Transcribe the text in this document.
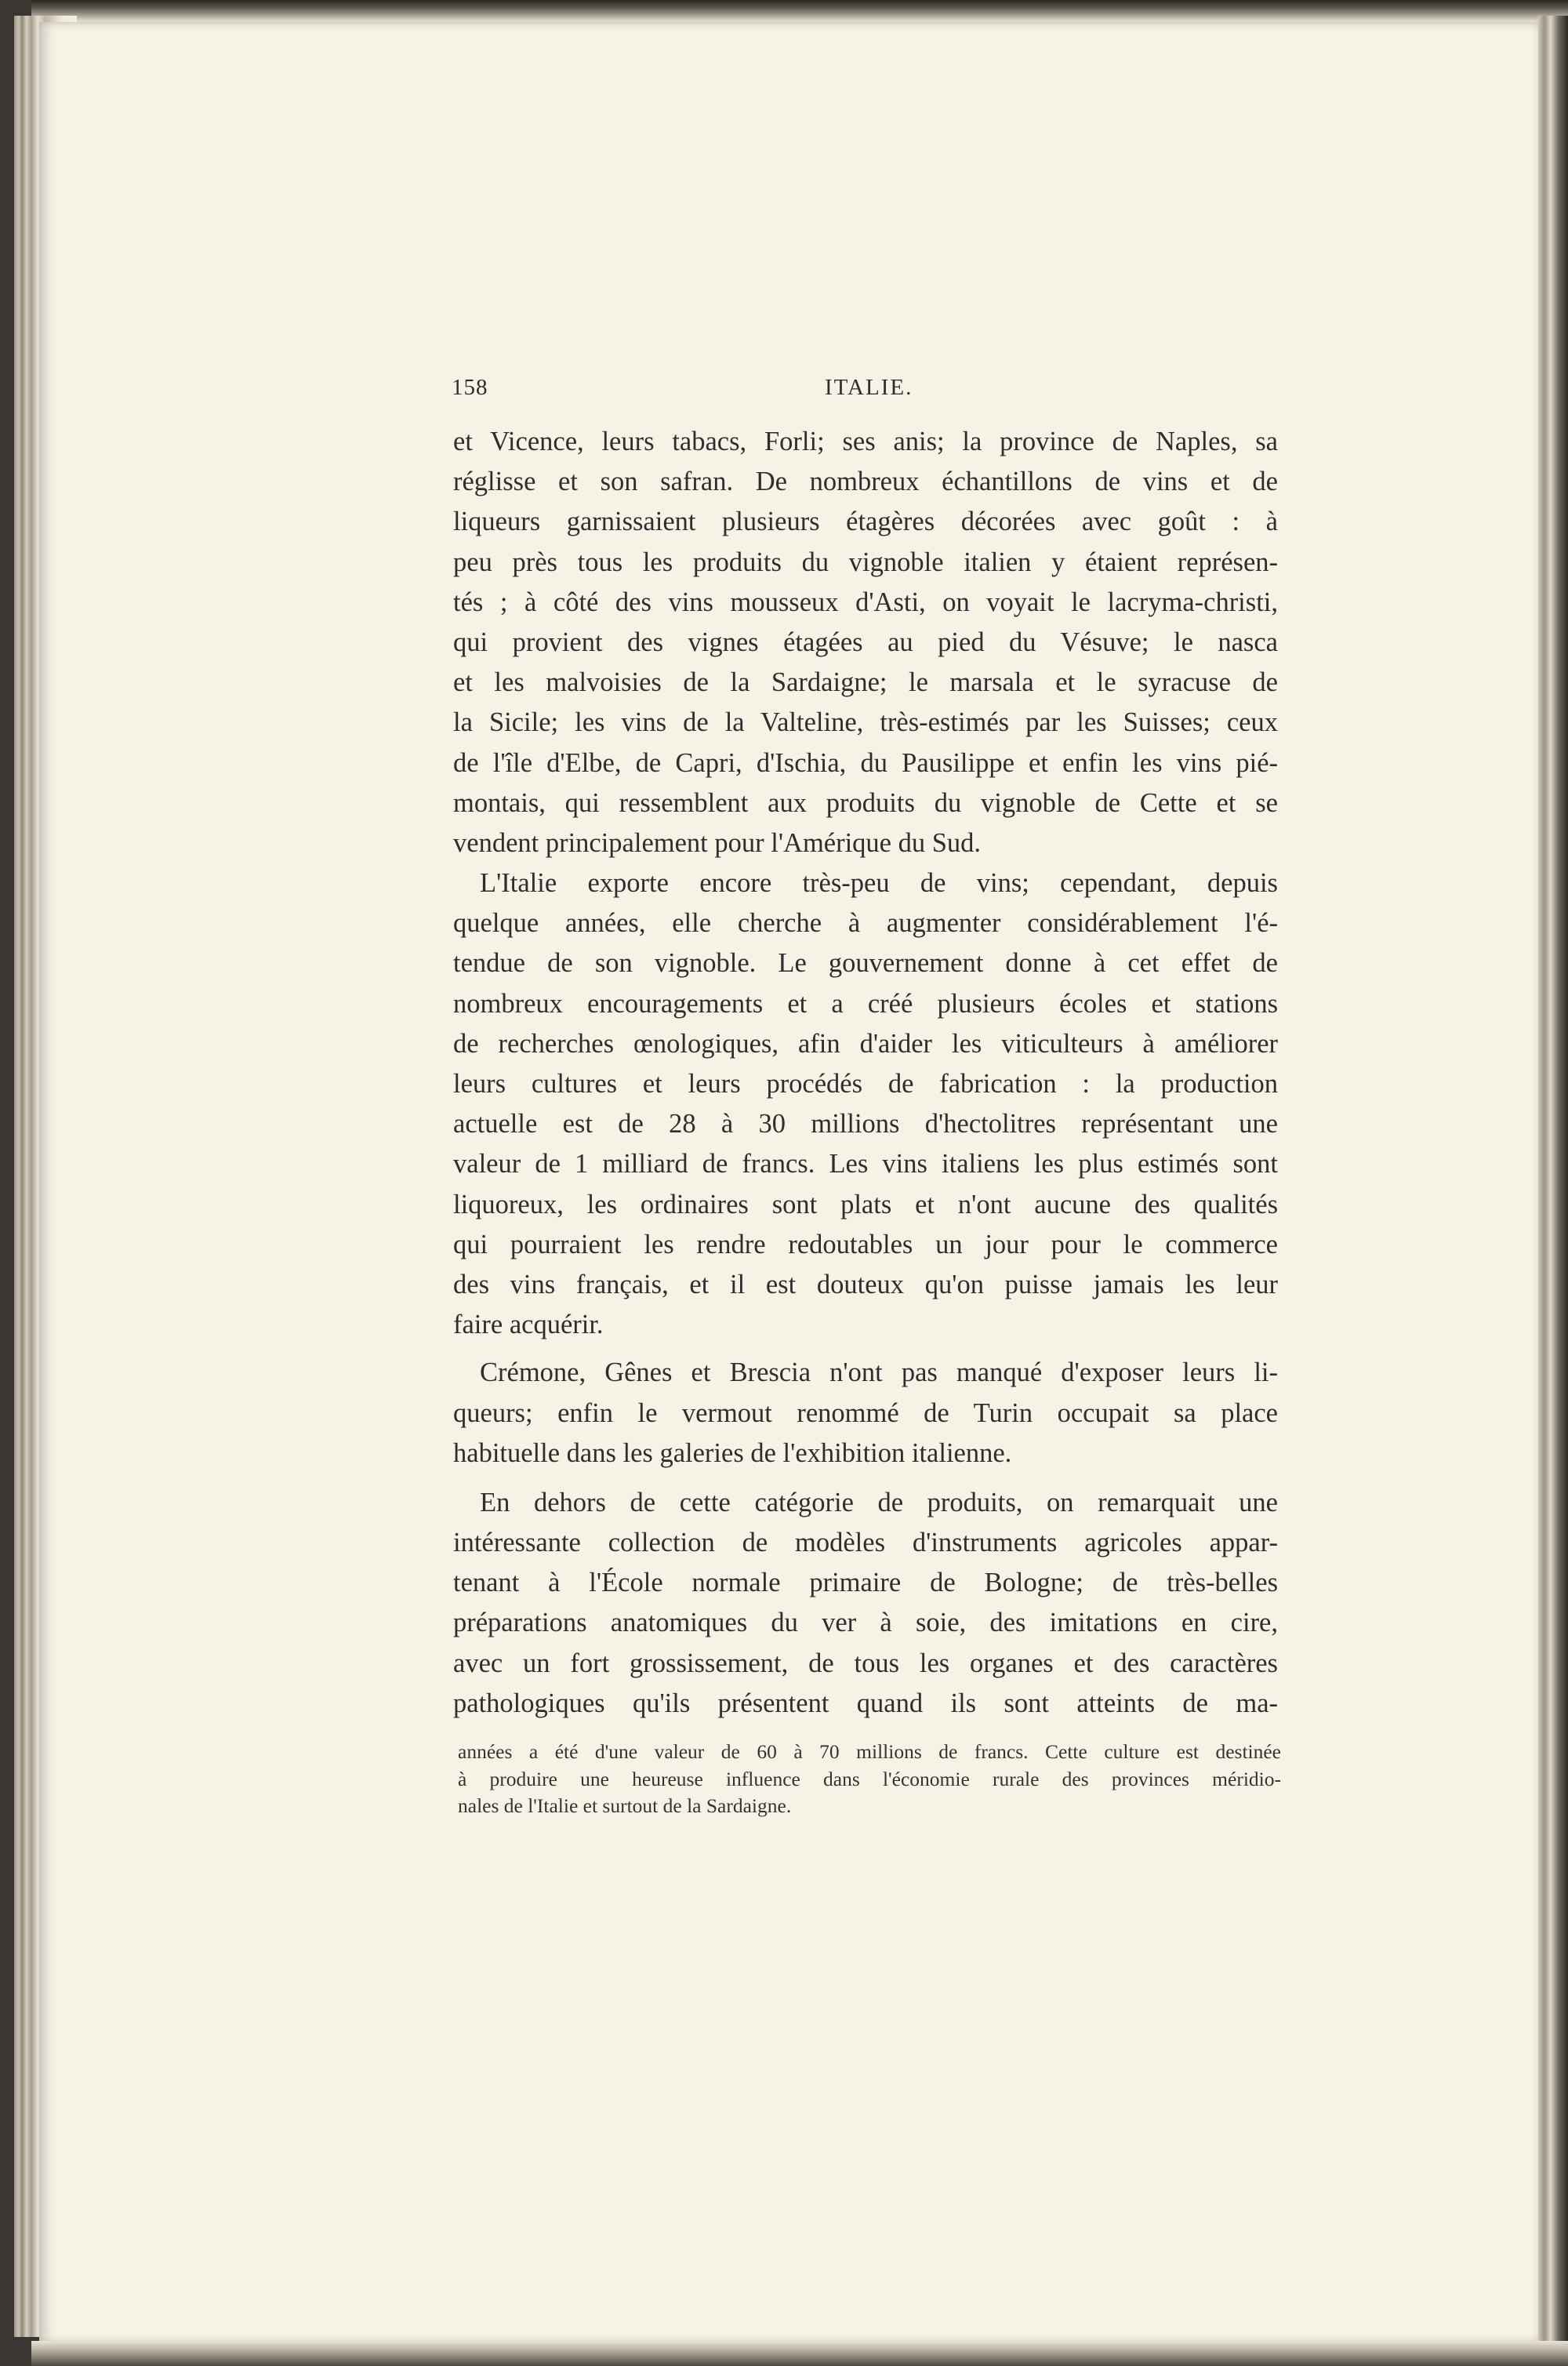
158	ITALIE.
et Vicence, leurs tabacs, Forli; ses anis; la province de Naples, sa
réglisse et son safran. De nombreux échantillons de vins et de
liqueurs garnissaient plusieurs étagères décorées avec goût : à
peu près tous les produits du vignoble italien y étaient représen-
tés ; à côté des vins mousseux d'Asti, on voyait le lacryma-christi,
qui provient des vignes étagées au pied du Vésuve; le nasca
et les malvoisies de la Sardaigne; le marsala et le syracuse de
la Sicile; les vins de la Valteline, très-estimés par les Suisses; ceux
de l'île d'Elbe, de Capri, d'Ischia, du Pausilippe et enfin les vins pié-
montais, qui ressemblent aux produits du vignoble de Cette et se
vendent principalement pour l'Amérique du Sud.
L'Italie exporte encore très-peu de vins; cependant, depuis
quelque années, elle cherche à augmenter considérablement l'é-
tendue de son vignoble. Le gouvernement donne à cet effet de
nombreux encouragements et a créé plusieurs écoles et stations
de recherches œnologiques, afin d'aider les viticulteurs à améliorer
leurs cultures et leurs procédés de fabrication : la production
actuelle est de 28 à 30 millions d'hectolitres représentant une
valeur de 1 milliard de francs. Les vins italiens les plus estimés sont
liquoreux, les ordinaires sont plats et n'ont aucune des qualités
qui pourraient les rendre redoutables un jour pour le commerce
des vins français, et il est douteux qu'on puisse jamais les leur
faire acquérir.
Crémone, Gênes et Brescia n'ont pas manqué d'exposer leurs li-
queurs; enfin le vermout renommé de Turin occupait sa place
habituelle dans les galeries de l'exhibition italienne.
En dehors de cette catégorie de produits, on remarquait une
intéressante collection de modèles d'instruments agricoles appar-
tenant à l'École normale primaire de Bologne; de très-belles
préparations anatomiques du ver à soie, des imitations en cire,
avec un fort grossissement, de tous les organes et des caractères
pathologiques qu'ils présentent quand ils sont atteints de ma-
années a été d'une valeur de 60 à 70 millions de francs. Cette culture est destinée
à produire une heureuse influence dans l'économie rurale des provinces méridio-
nales de l'Italie et surtout de la Sardaigne.
